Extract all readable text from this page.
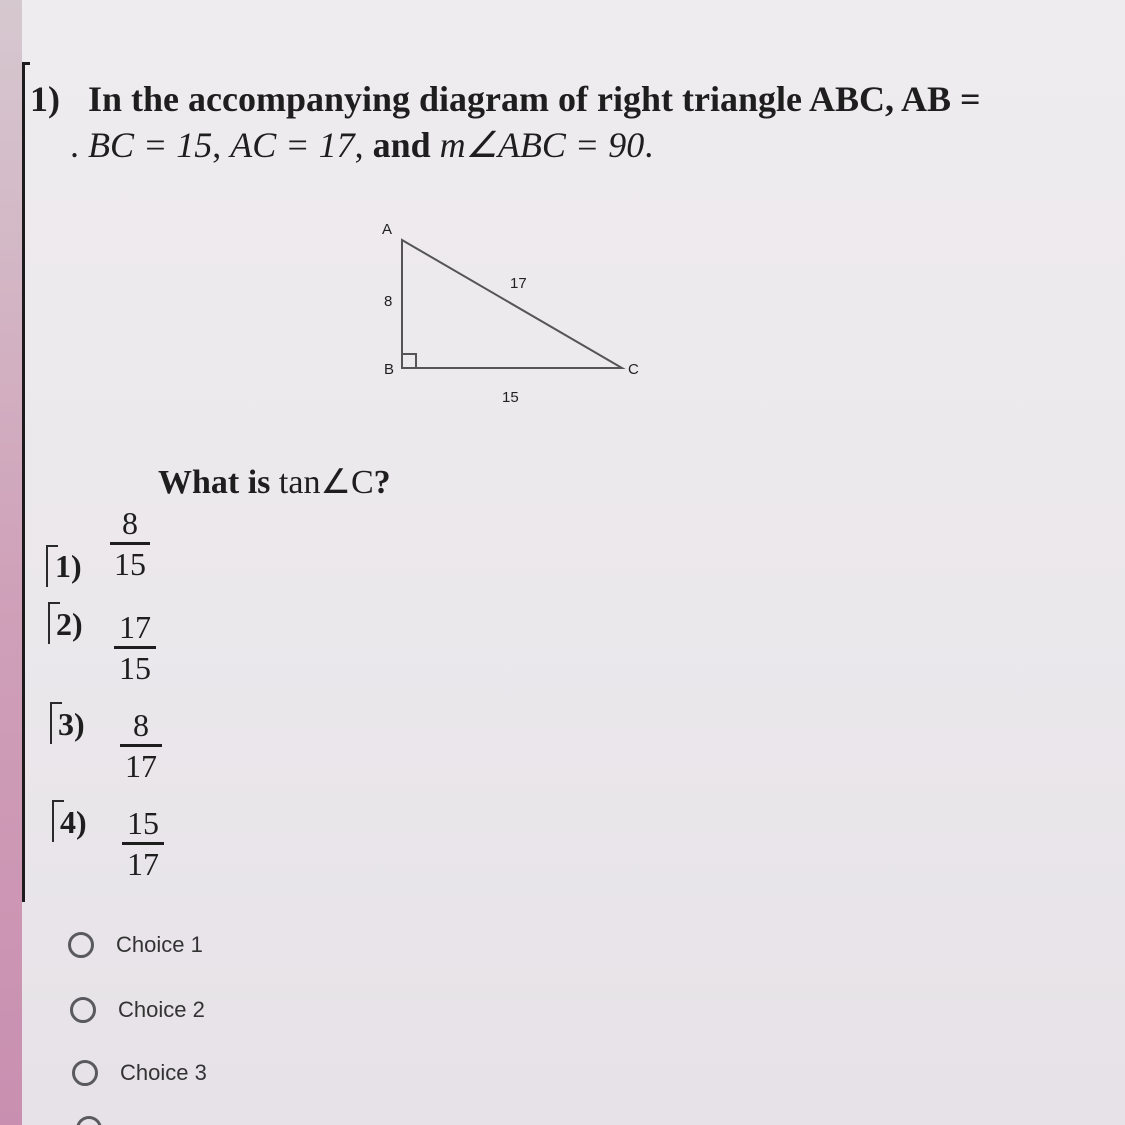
1) In the accompanying diagram of right triangle ABC, AB =
. BC = 15, AC = 17, and m∠ABC = 90.
A
B	C
8
15
17
What is tan∠C?
1)
8
15
2) 17
15
3)	8
17
4) 15
17
Choice 1
Choice 2
Choice 3
